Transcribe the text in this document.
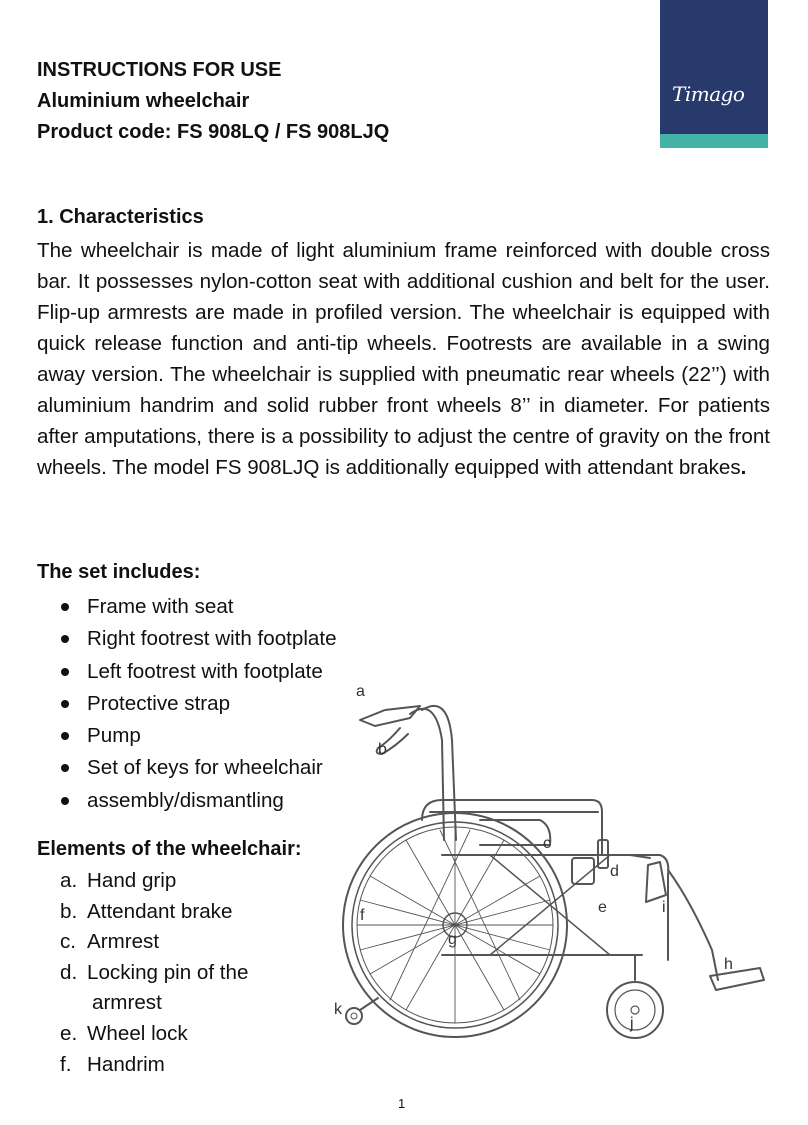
INSTRUCTIONS FOR USE
Aluminium wheelchair
Product code: FS 908LQ / FS 908LJQ
Timago
1. Characteristics
The wheelchair is made of light aluminium frame reinforced with double cross bar. It possesses nylon-cotton seat with additional cushion and belt for the user. Flip-up armrests are made in profiled version. The wheelchair is equipped with quick release function and anti-tip wheels. Footrests are available in a swing away version. The wheelchair is supplied with pneumatic rear wheels (22’’) with aluminium handrim and solid rubber front wheels 8’’ in diameter. For patients after amputations, there is a possibility to adjust the centre of gravity on the front wheels. The model FS 908LJQ is additionally equipped with attendant brakes.
The set includes:
Frame with seat
Right footrest with footplate
Left footrest with footplate
Protective strap
Pump
Set of keys for wheelchair
assembly/dismantling
Elements of the wheelchair:
a. Hand grip
b. Attendant brake
c. Armrest
d. Locking pin of the
armrest
e. Wheel lock
f. Handrim
a
b
c
d
e
f
g
h
i
j
k
1
